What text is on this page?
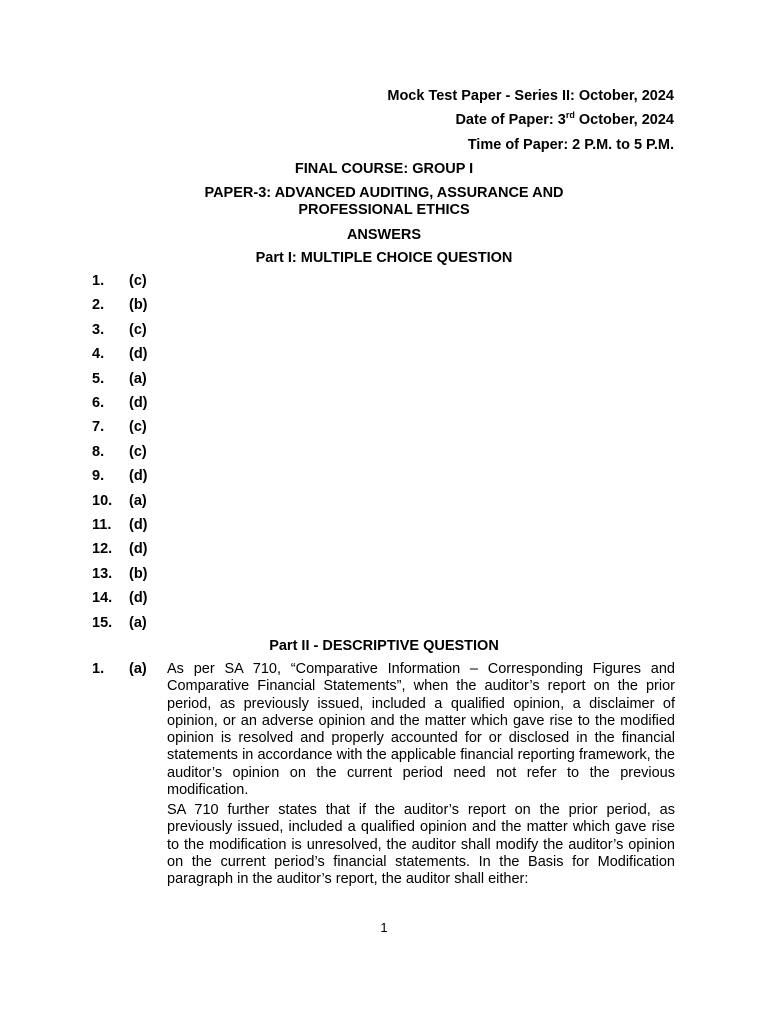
Mock Test Paper - Series II: October, 2024
Date of Paper: 3rd October, 2024
Time of Paper: 2 P.M. to 5 P.M.
FINAL COURSE: GROUP I
PAPER-3: ADVANCED AUDITING, ASSURANCE AND
PROFESSIONAL ETHICS
ANSWERS
Part I: MULTIPLE CHOICE QUESTION
1.	(c)
2.	(b)
3.	(c)
4.	(d)
5.	(a)
6.	(d)
7.	(c)
8.	(c)
9.	(d)
10.	(a)
11.	(d)
12.	(d)
13.	(b)
14.	(d)
15.	(a)
Part II - DESCRIPTIVE QUESTION
1. (a) As per SA 710, “Comparative Information – Corresponding Figures and Comparative Financial Statements”, when the auditor’s report on the prior period, as previously issued, included a qualified opinion, a disclaimer of opinion, or an adverse opinion and the matter which gave rise to the modified opinion is resolved and properly accounted for or disclosed in the financial statements in accordance with the applicable financial reporting framework, the auditor’s opinion on the current period need not refer to the previous modification.
SA 710 further states that if the auditor’s report on the prior period, as previously issued, included a qualified opinion and the matter which gave rise to the modification is unresolved, the auditor shall modify the auditor’s opinion on the current period’s financial statements. In the Basis for Modification paragraph in the auditor’s report, the auditor shall either:
1
